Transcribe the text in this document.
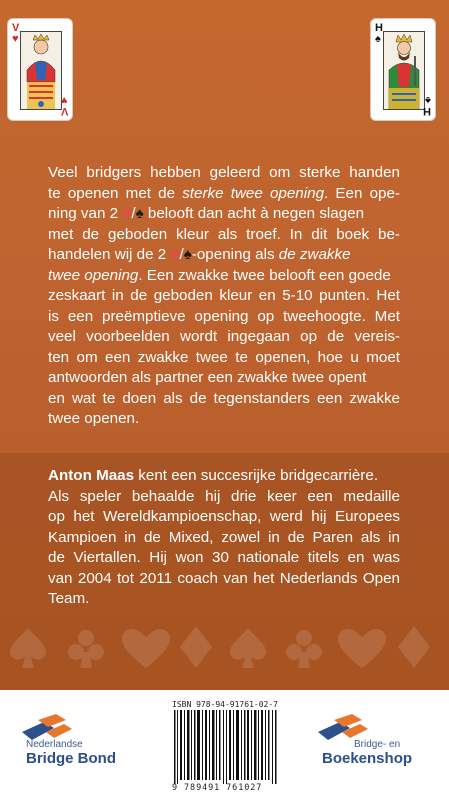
V
♥
♥
V
H
♠
♠
H
Veel bridgers hebben geleerd om sterke handen
te openen met de sterke twee opening. Een ope-
ning van 2 ♥/♠ belooft dan acht à negen slagen
met de geboden kleur als troef. In dit boek be-
handelen wij de 2 ♥/♠-opening als de zwakke
twee opening. Een zwakke twee belooft een goede
zeskaart in de geboden kleur en 5-10 punten. Het
is een preëmptieve opening op tweehoogte. Met
veel voorbeelden wordt ingegaan op de vereis-
ten om een zwakke twee te openen, hoe u moet
antwoorden als partner een zwakke twee opent
en wat te doen als de tegenstanders een zwakke
twee openen.
Anton Maas kent een succesrijke bridgecarrière.
Als speler behaalde hij drie keer een medaille
op het Wereldkampioenschap, werd hij Europees
Kampioen in de Mixed, zowel in de Paren als in
de Viertallen. Hij won 30 nationale titels en was
van 2004 tot 2011 coach van het Nederlands Open
Team.
Nederlandse
Bridge Bond
ISBN 978-94-91761-02-7
9 789491 761027
Bridge- en
Boekenshop
